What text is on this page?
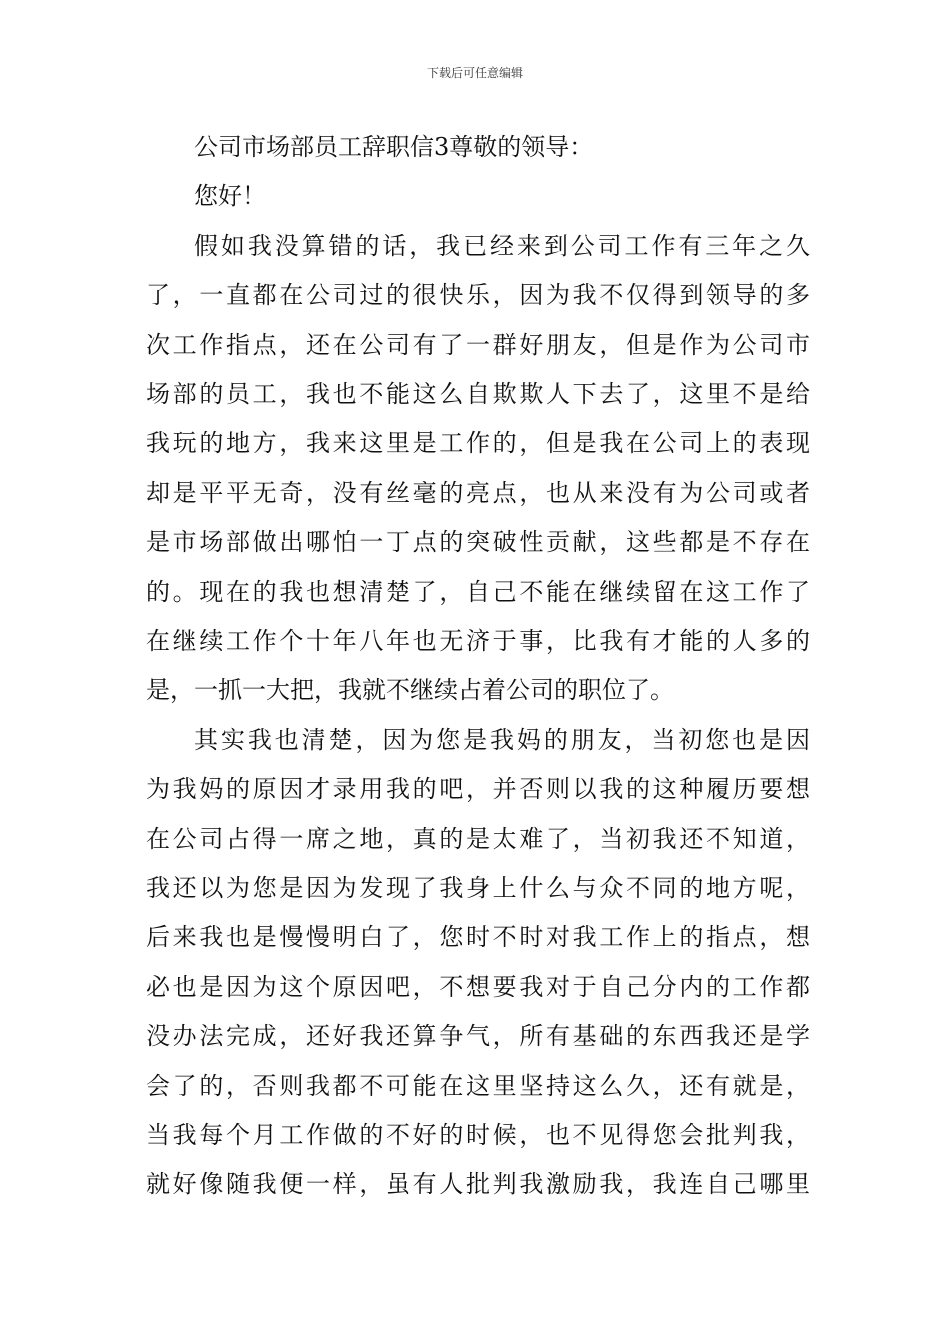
下载后可任意编辑
公司市场部员工辞职信3尊敬的领导：
您好！
假如我没算错的话，我已经来到公司工作有三年之久
了，一直都在公司过的很快乐，因为我不仅得到领导的多
次工作指点，还在公司有了一群好朋友，但是作为公司市
场部的员工，我也不能这么自欺欺人下去了，这里不是给
我玩的地方，我来这里是工作的，但是我在公司上的表现
却是平平无奇，没有丝毫的亮点，也从来没有为公司或者
是市场部做出哪怕一丁点的突破性贡献，这些都是不存在
的。现在的我也想清楚了，自己不能在继续留在这工作了
在继续工作个十年八年也无济于事，比我有才能的人多的
是，一抓一大把，我就不继续占着公司的职位了。
其实我也清楚，因为您是我妈的朋友，当初您也是因
为我妈的原因才录用我的吧，并否则以我的这种履历要想
在公司占得一席之地，真的是太难了，当初我还不知道，
我还以为您是因为发现了我身上什么与众不同的地方呢，
后来我也是慢慢明白了，您时不时对我工作上的指点，想
必也是因为这个原因吧，不想要我对于自己分内的工作都
没办法完成，还好我还算争气，所有基础的东西我还是学
会了的，否则我都不可能在这里坚持这么久，还有就是，
当我每个月工作做的不好的时候，也不见得您会批判我，
就好像随我便一样，虽有人批判我激励我，我连自己哪里
